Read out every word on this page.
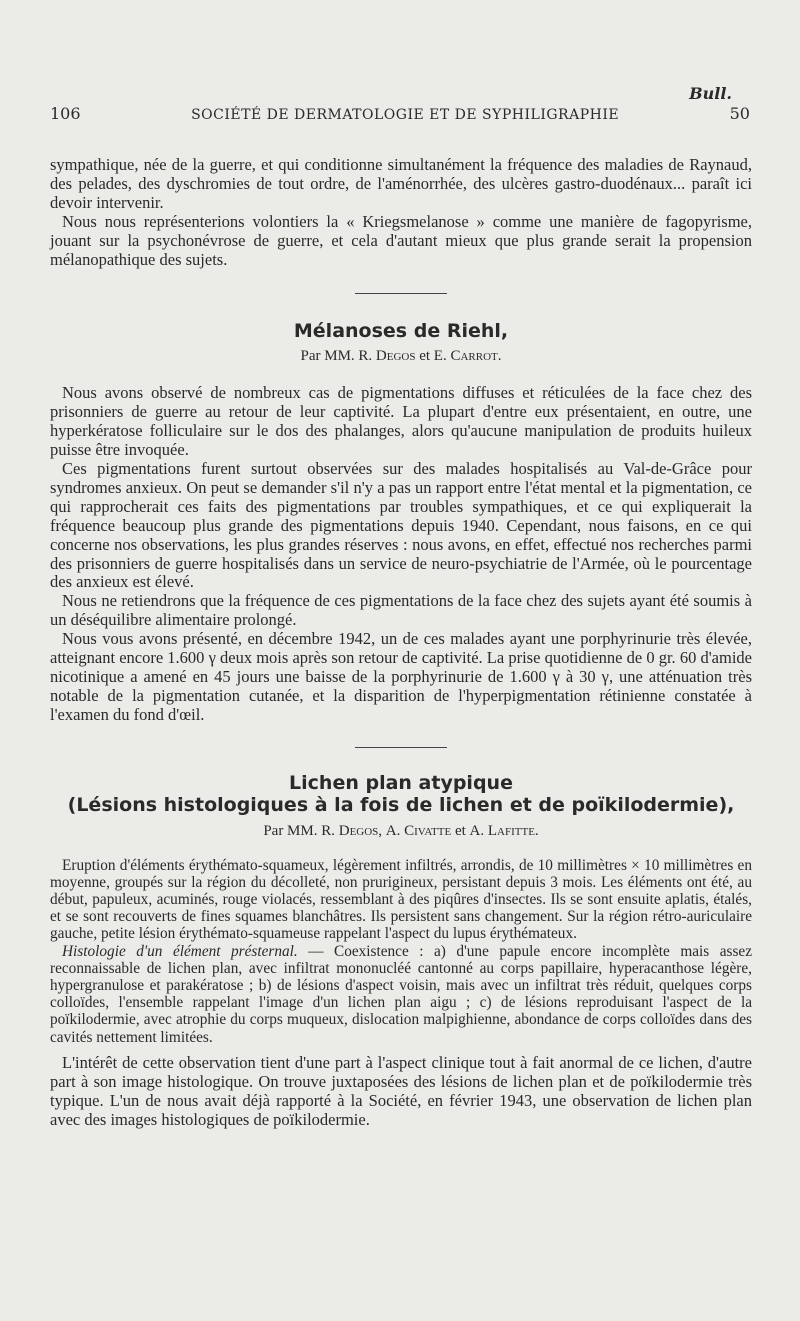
Bull.
106	SOCIÉTÉ DE DERMATOLOGIE ET DE SYPHILIGRAPHIE	50

sympathique, née de la guerre, et qui conditionne simultanément la fréquence des maladies de Raynaud, des pelades, des dyschromies de tout ordre, de l'aménorrhée, des ulcères gastro-duodénaux... paraît ici devoir intervenir.

Nous nous représenterions volontiers la « Kriegsmelanose » comme une manière de fagopyrisme, jouant sur la psychonévrose de guerre, et cela d'autant mieux que plus grande serait la propension mélanopathique des sujets.

Mélanoses de Riehl,

Par MM. R. Degos et E. Carrot.

Nous avons observé de nombreux cas de pigmentations diffuses et réticulées de la face chez des prisonniers de guerre au retour de leur captivité. La plupart d'entre eux présentaient, en outre, une hyperkératose folliculaire sur le dos des phalanges, alors qu'aucune manipulation de produits huileux puisse être invoquée.

Ces pigmentations furent surtout observées sur des malades hospitalisés au Val-de-Grâce pour syndromes anxieux. On peut se demander s'il n'y a pas un rapport entre l'état mental et la pigmentation, ce qui rapprocherait ces faits des pigmentations par troubles sympathiques, et ce qui expliquerait la fréquence beaucoup plus grande des pigmentations depuis 1940. Cependant, nous faisons, en ce qui concerne nos observations, les plus grandes réserves : nous avons, en effet, effectué nos recherches parmi des prisonniers de guerre hospitalisés dans un service de neuro-psychiatrie de l'Armée, où le pourcentage des anxieux est élevé.

Nous ne retiendrons que la fréquence de ces pigmentations de la face chez des sujets ayant été soumis à un déséquilibre alimentaire prolongé.

Nous vous avons présenté, en décembre 1942, un de ces malades ayant une porphyrinurie très élevée, atteignant encore 1.600 γ deux mois après son retour de captivité. La prise quotidienne de 0 gr. 60 d'amide nicotinique a amené en 45 jours une baisse de la porphyrinurie de 1.600 γ à 30 γ, une atténuation très notable de la pigmentation cutanée, et la disparition de l'hyperpigmentation rétinienne constatée à l'examen du fond d'œil.

Lichen plan atypique

(Lésions histologiques à la fois de lichen et de poïkilodermie),

Par MM. R. Degos, A. Civatte et A. Lafitte.

Eruption d'éléments érythémato-squameux, légèrement infiltrés, arrondis, de 10 millimètres × 10 millimètres en moyenne, groupés sur la région du décolleté, non prurigineux, persistant depuis 3 mois. Les éléments ont été, au début, papuleux, acuminés, rouge violacés, ressemblant à des piqûres d'insectes. Ils se sont ensuite aplatis, étalés, et se sont recouverts de fines squames blanchâtres. Ils persistent sans changement. Sur la région rétro-auriculaire gauche, petite lésion érythémato-squameuse rappelant l'aspect du lupus érythémateux.

Histologie d'un élément présternal. — Coexistence : a) d'une papule encore incomplète mais assez reconnaissable de lichen plan, avec infiltrat mononucléé cantonné au corps papillaire, hyperacanthose légère, hypergranulose et parakératose ; b) de lésions d'aspect voisin, mais avec un infiltrat très réduit, quelques corps colloïdes, l'ensemble rappelant l'image d'un lichen plan aigu ; c) de lésions reproduisant l'aspect de la poïkilodermie, avec atrophie du corps muqueux, dislocation malpighienne, abondance de corps colloïdes dans des cavités nettement limitées.

L'intérêt de cette observation tient d'une part à l'aspect clinique tout à fait anormal de ce lichen, d'autre part à son image histologique. On trouve juxtaposées des lésions de lichen plan et de poïkilodermie très typique. L'un de nous avait déjà rapporté à la Société, en février 1943, une observation de lichen plan avec des images histologiques de poïkilodermie.
